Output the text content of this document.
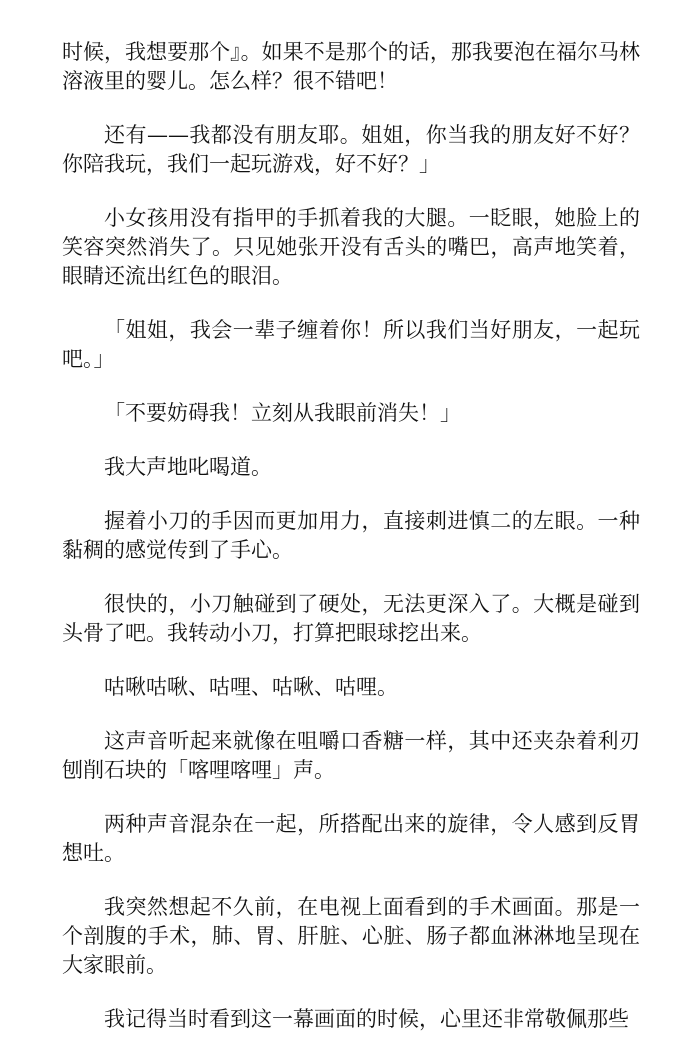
时候，我想要那个』。如果不是那个的话，那我要泡在福尔马林溶液里的婴儿。怎么样？很不错吧！

还有——我都没有朋友耶。姐姐，你当我的朋友好不好？你陪我玩，我们一起玩游戏，好不好？」

小女孩用没有指甲的手抓着我的大腿。一眨眼，她脸上的笑容突然消失了。只见她张开没有舌头的嘴巴，高声地笑着，眼睛还流出红色的眼泪。

「姐姐，我会一辈子缠着你！所以我们当好朋友，一起玩吧。」

「不要妨碍我！立刻从我眼前消失！」

我大声地叱喝道。

握着小刀的手因而更加用力，直接刺进慎二的左眼。一种黏稠的感觉传到了手心。

很快的，小刀触碰到了硬处，无法更深入了。大概是碰到头骨了吧。我转动小刀，打算把眼球挖出来。

咕啾咕啾、咕哩、咕啾、咕哩。

这声音听起来就像在咀嚼口香糖一样，其中还夹杂着利刃刨削石块的「喀哩喀哩」声。

两种声音混杂在一起，所搭配出来的旋律，令人感到反胃想吐。

我突然想起不久前，在电视上面看到的手术画面。那是一个剖腹的手术，肺、胃、肝脏、心脏、肠子都血淋淋地呈现在大家眼前。

我记得当时看到这一幕画面的时候，心里还非常敬佩那些
